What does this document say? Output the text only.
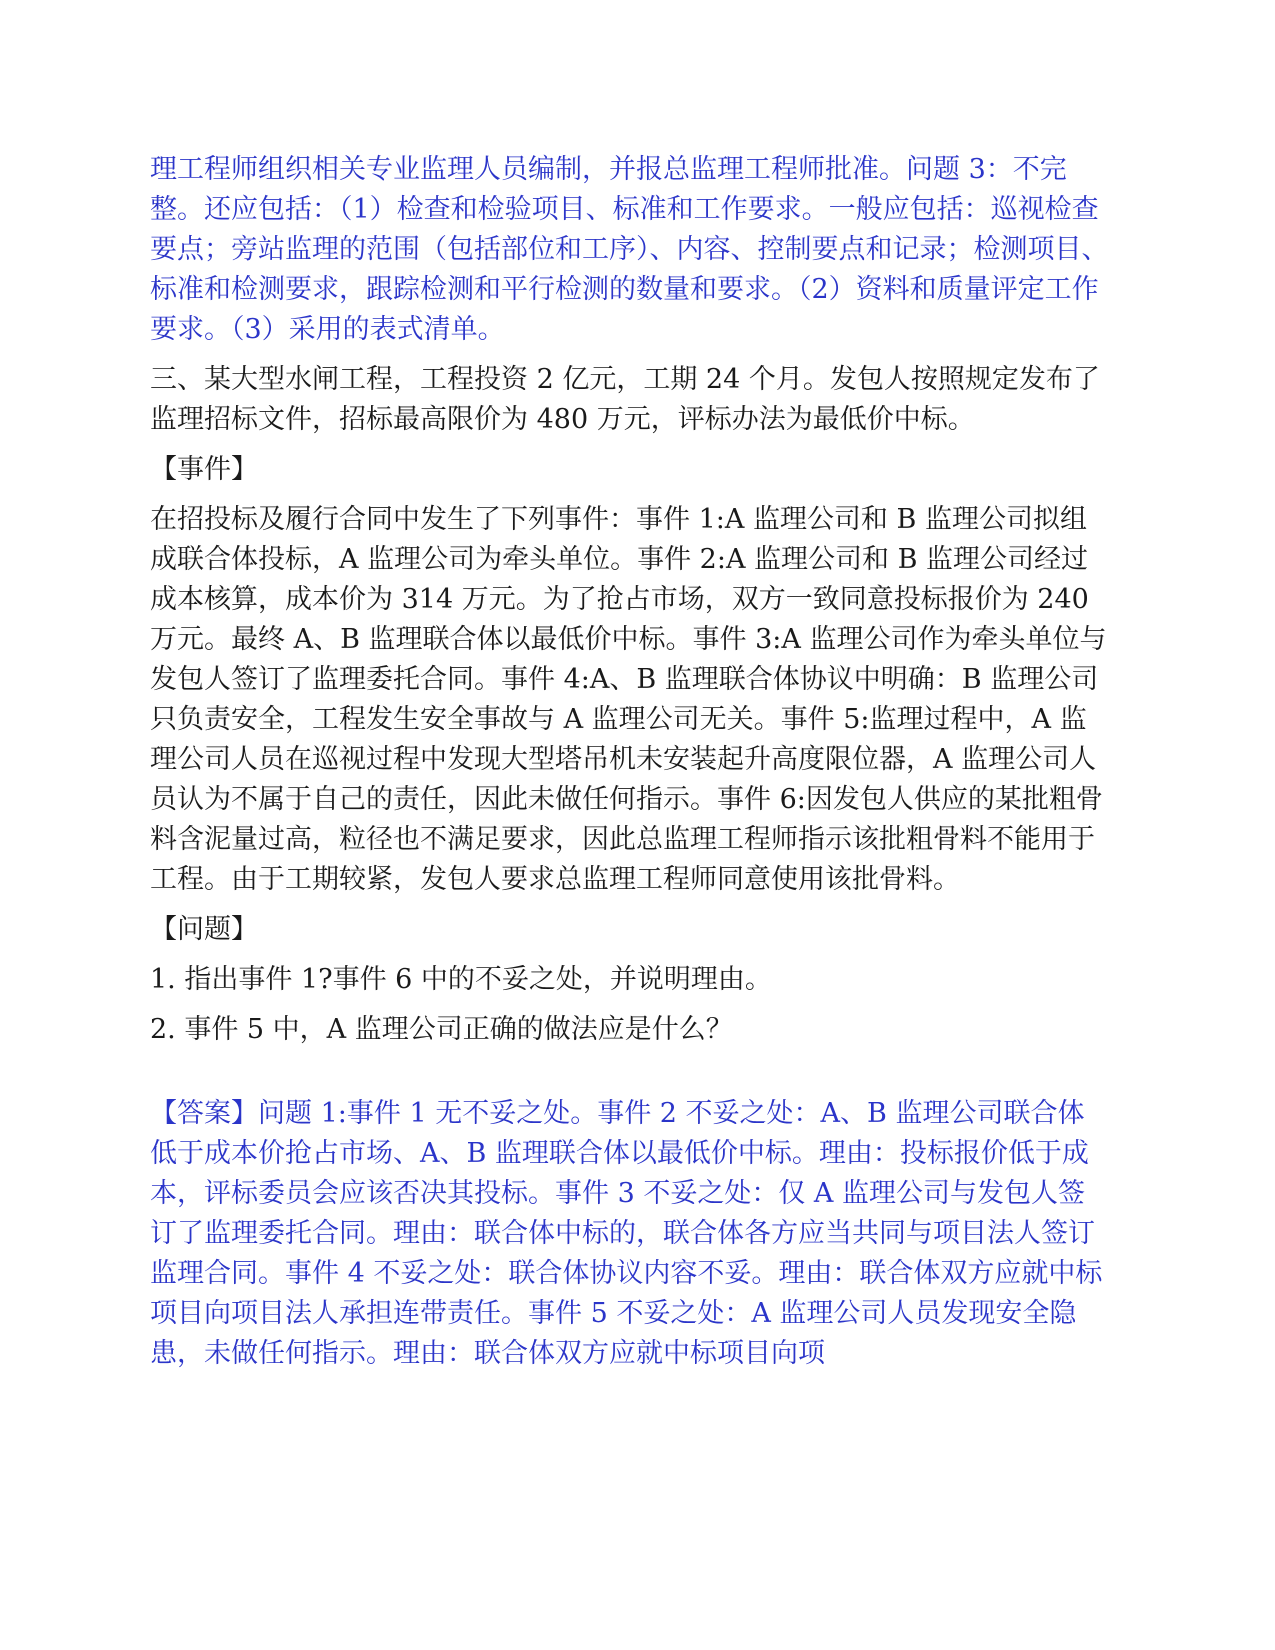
理工程师组织相关专业监理人员编制，并报总监理工程师批准。问题 3：不完整。还应包括：（1）检查和检验项目、标准和工作要求。一般应包括：巡视检查要点；旁站监理的范围（包括部位和工序）、内容、控制要点和记录；检测项目、标准和检测要求，跟踪检测和平行检测的数量和要求。（2）资料和质量评定工作要求。（3）采用的表式清单。

三、某大型水闸工程，工程投资 2 亿元，工期 24 个月。发包人按照规定发布了监理招标文件，招标最高限价为 480 万元，评标办法为最低价中标。

【事件】

在招投标及履行合同中发生了下列事件：事件 1:A 监理公司和 B 监理公司拟组成联合体投标，A 监理公司为牵头单位。事件 2:A 监理公司和 B 监理公司经过成本核算，成本价为 314 万元。为了抢占市场，双方一致同意投标报价为 240 万元。最终 A、B 监理联合体以最低价中标。事件 3:A 监理公司作为牵头单位与发包人签订了监理委托合同。事件 4:A、B 监理联合体协议中明确：B 监理公司只负责安全，工程发生安全事故与 A 监理公司无关。事件 5:监理过程中，A 监理公司人员在巡视过程中发现大型塔吊机未安装起升高度限位器，A 监理公司人员认为不属于自己的责任，因此未做任何指示。事件 6:因发包人供应的某批粗骨料含泥量过高，粒径也不满足要求，因此总监理工程师指示该批粗骨料不能用于工程。由于工期较紧，发包人要求总监理工程师同意使用该批骨料。

【问题】

1. 指出事件 1?事件 6 中的不妥之处，并说明理由。

2. 事件 5 中，A 监理公司正确的做法应是什么？

【答案】问题 1:事件 1 无不妥之处。事件 2 不妥之处：A、B 监理公司联合体低于成本价抢占市场、A、B 监理联合体以最低价中标。理由：投标报价低于成本，评标委员会应该否决其投标。事件 3 不妥之处：仅 A 监理公司与发包人签订了监理委托合同。理由：联合体中标的，联合体各方应当共同与项目法人签订监理合同。事件 4 不妥之处：联合体协议内容不妥。理由：联合体双方应就中标项目向项目法人承担连带责任。事件 5 不妥之处：A 监理公司人员发现安全隐患，未做任何指示。理由：联合体双方应就中标项目向项
